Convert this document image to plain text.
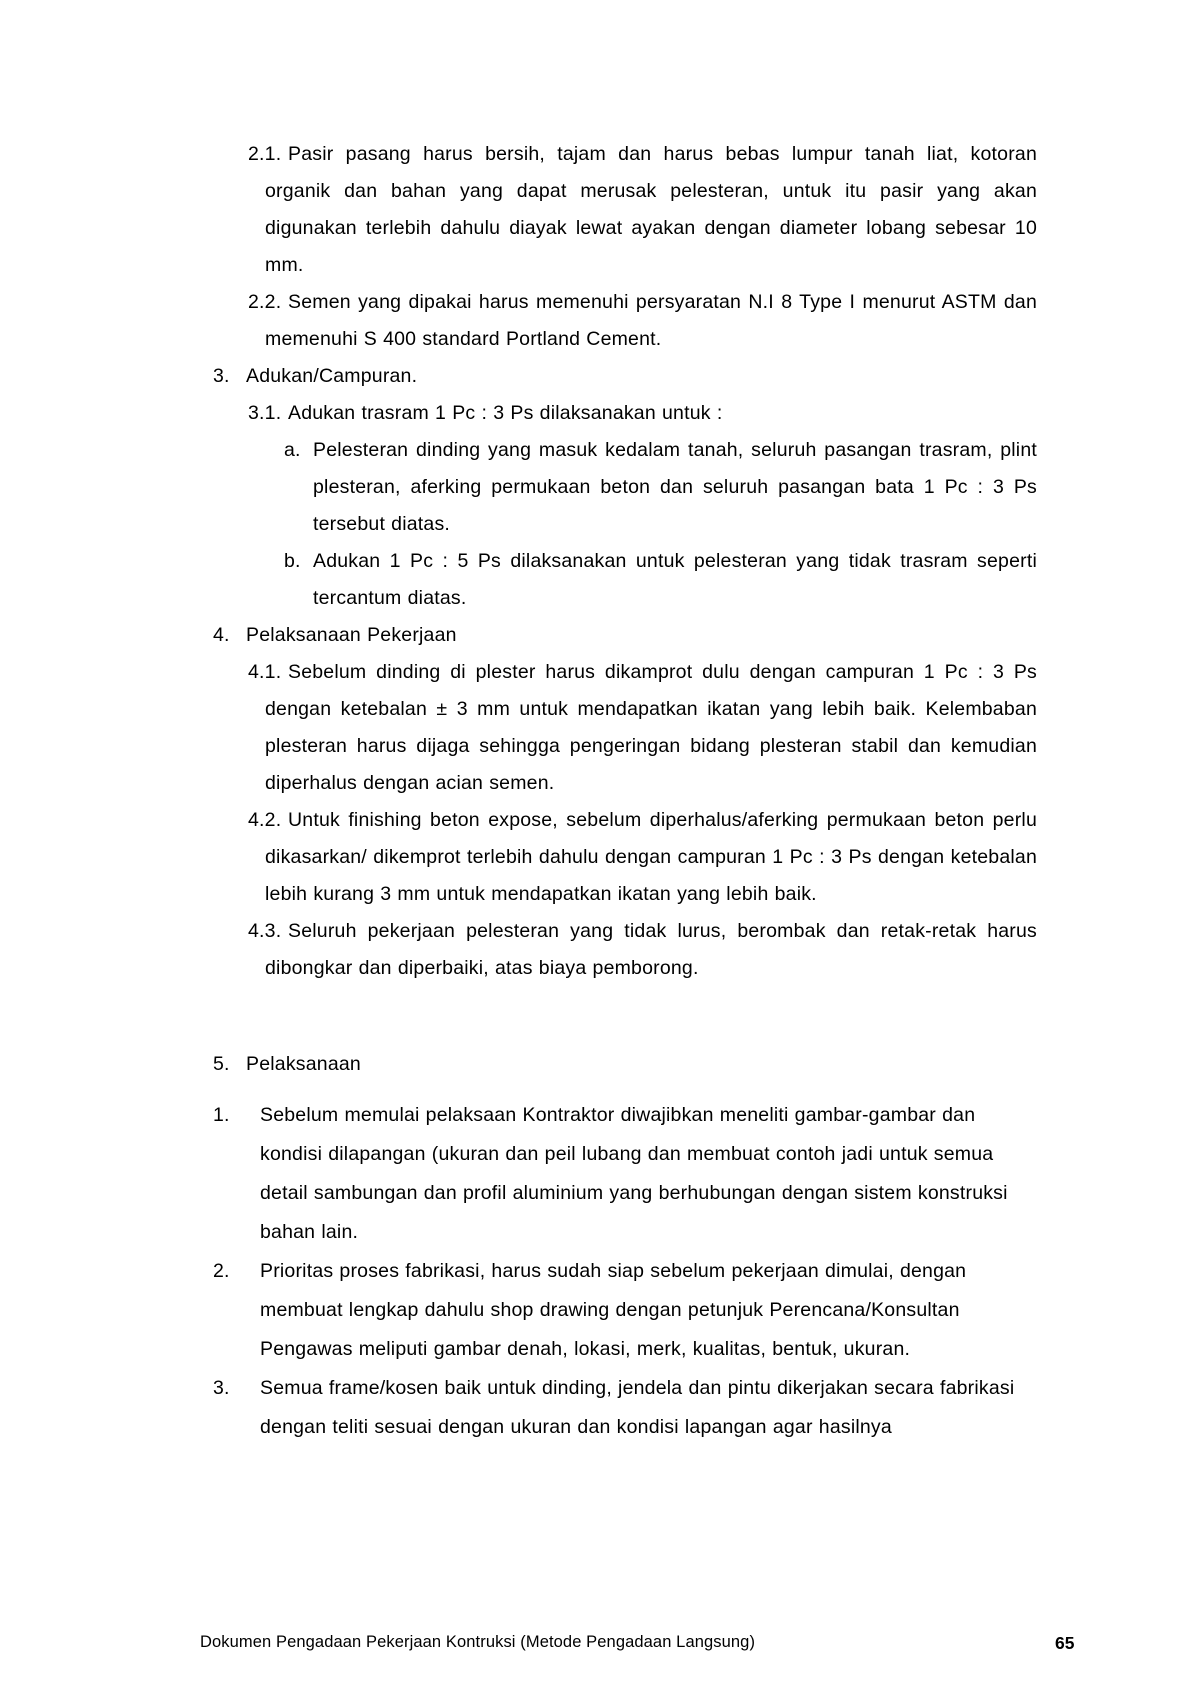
2.1. Pasir pasang harus bersih, tajam dan harus bebas lumpur tanah liat, kotoran organik dan bahan yang dapat merusak pelesteran, untuk itu pasir yang akan digunakan terlebih dahulu diayak lewat ayakan dengan diameter lobang sebesar 10 mm.
2.2. Semen yang dipakai harus memenuhi persyaratan N.I 8 Type I menurut ASTM dan memenuhi S 400 standard Portland Cement.
3. Adukan/Campuran.
3.1. Adukan trasram 1 Pc : 3 Ps dilaksanakan untuk :
a. Pelesteran dinding yang masuk kedalam tanah, seluruh pasangan trasram, plint plesteran, aferking permukaan beton dan seluruh pasangan bata 1 Pc : 3 Ps tersebut diatas.
b. Adukan 1 Pc : 5 Ps dilaksanakan untuk pelesteran yang tidak trasram seperti tercantum diatas.
4. Pelaksanaan Pekerjaan
4.1. Sebelum dinding di plester harus dikamprot dulu dengan campuran 1 Pc : 3 Ps dengan ketebalan ± 3 mm untuk mendapatkan ikatan yang lebih baik. Kelembaban plesteran harus dijaga sehingga pengeringan bidang plesteran stabil dan kemudian diperhalus dengan acian semen.
4.2. Untuk finishing beton expose, sebelum diperhalus/aferking permukaan beton perlu dikasarkan/ dikemprot terlebih dahulu dengan campuran 1 Pc : 3 Ps dengan ketebalan lebih kurang 3 mm untuk mendapatkan ikatan yang lebih baik.
4.3. Seluruh pekerjaan pelesteran yang tidak lurus, berombak dan retak-retak harus dibongkar dan diperbaiki, atas biaya pemborong.
5. Pelaksanaan
1. Sebelum memulai pelaksaan Kontraktor diwajibkan meneliti gambar-gambar dan kondisi dilapangan (ukuran dan peil lubang dan membuat contoh jadi untuk semua detail sambungan dan profil aluminium yang berhubungan dengan sistem konstruksi bahan lain.
2. Prioritas proses fabrikasi, harus sudah siap sebelum pekerjaan dimulai, dengan membuat lengkap dahulu shop drawing dengan petunjuk Perencana/Konsultan Pengawas meliputi gambar denah, lokasi, merk, kualitas, bentuk, ukuran.
3. Semua frame/kosen baik untuk dinding, jendela dan pintu dikerjakan secara fabrikasi dengan teliti sesuai dengan ukuran dan kondisi lapangan agar hasilnya
Dokumen Pengadaan Pekerjaan Kontruksi (Metode Pengadaan Langsung)	65
